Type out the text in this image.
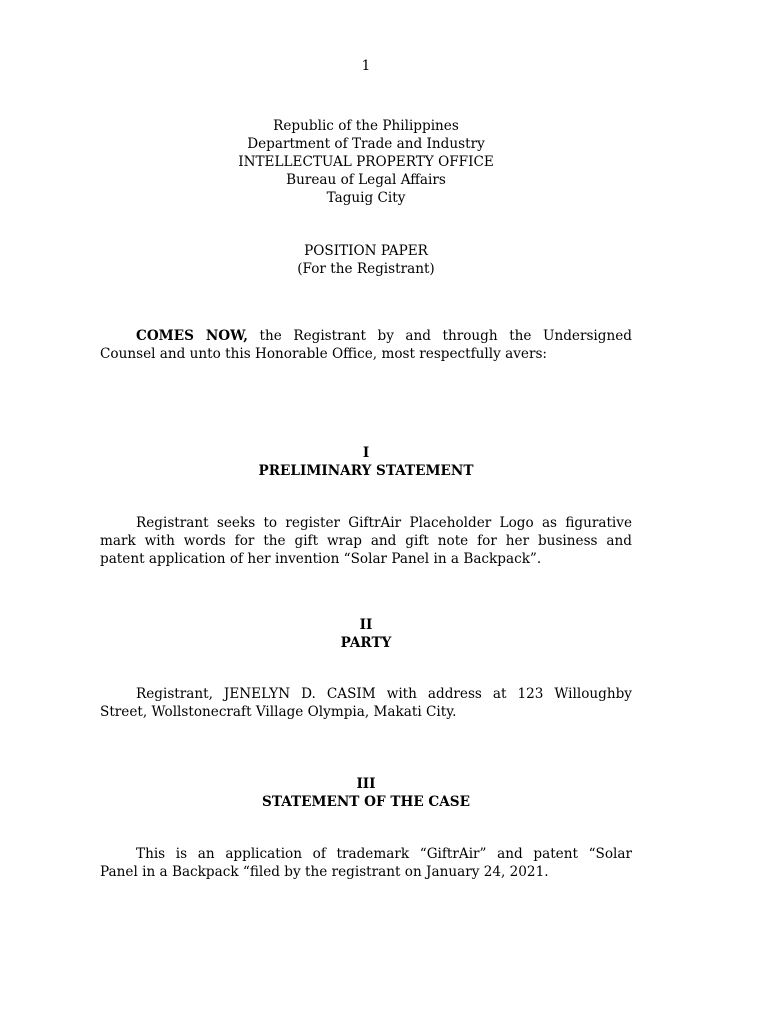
1
Republic of the Philippines
Department of Trade and Industry
INTELLECTUAL PROPERTY OFFICE
Bureau of Legal Affairs
Taguig City
POSITION PAPER
(For the Registrant)
COMES NOW, the Registrant by and through the Undersigned
Counsel and unto this Honorable Office, most respectfully avers:
I
PRELIMINARY STATEMENT
Registrant seeks to register GiftrAir Placeholder Logo as figurative
mark with words for the gift wrap and gift note for her business and
patent application of her invention “Solar Panel in a Backpack”.
II
PARTY
Registrant, JENELYN D. CASIM with address at 123 Willoughby
Street, Wollstonecraft Village Olympia, Makati City.
III
STATEMENT OF THE CASE
This is an application of trademark “GiftrAir” and patent “Solar
Panel in a Backpack “filed by the registrant on January 24, 2021.
